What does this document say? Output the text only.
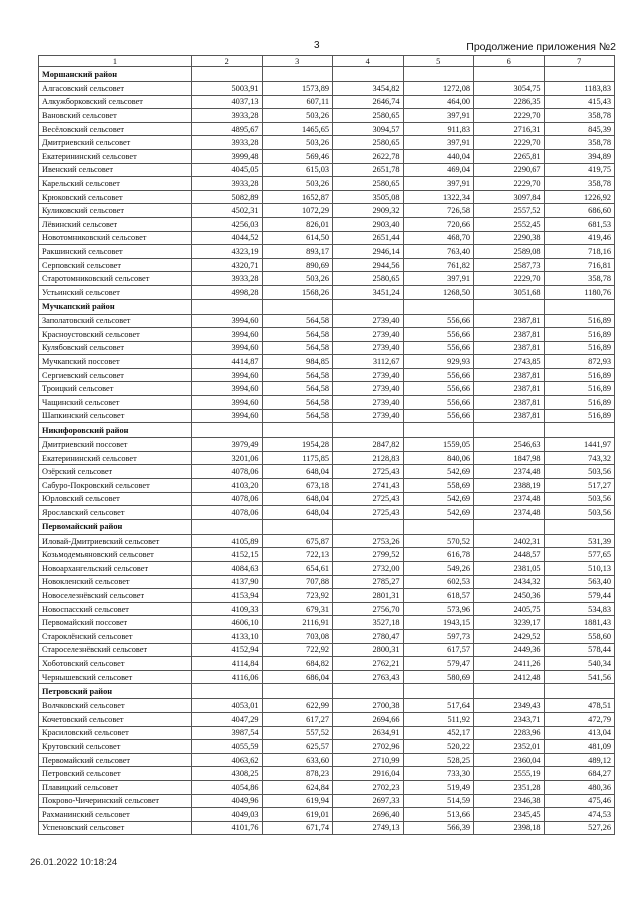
3	Продолжение приложения №2
1	2	3	4	5	6	7
Моршанский район						
Алгасовский сельсовет	5003,91	1573,89	3454,82	1272,08	3054,75	1183,83
Алкужборковский сельсовет	4037,13	607,11	2646,74	464,00	2286,35	415,43
Вановский сельсовет	3933,28	503,26	2580,65	397,91	2229,70	358,78
Весёловский сельсовет	4895,67	1465,65	3094,57	911,83	2716,31	845,39
Дмитриевский сельсовет	3933,28	503,26	2580,65	397,91	2229,70	358,78
Екатерининский сельсовет	3999,48	569,46	2622,78	440,04	2265,81	394,89
Ивенский сельсовет	4045,05	615,03	2651,78	469,04	2290,67	419,75
Карельский сельсовет	3933,28	503,26	2580,65	397,91	2229,70	358,78
Крюковский сельсовет	5082,89	1652,87	3505,08	1322,34	3097,84	1226,92
Куликовский сельсовет	4502,31	1072,29	2909,32	726,58	2557,52	686,60
Лёвинский сельсовет	4256,03	826,01	2903,40	720,66	2552,45	681,53
Новотомниковский сельсовет	4044,52	614,50	2651,44	468,70	2290,38	419,46
Ракшинский сельсовет	4323,19	893,17	2946,14	763,40	2589,08	718,16
Сеpповский сельсовет	4320,71	890,69	2944,56	761,82	2587,73	716,81
Старотомниковский сельсовет	3933,28	503,26	2580,65	397,91	2229,70	358,78
Устьинский сельсовет	4998,28	1568,26	3451,24	1268,50	3051,68	1180,76
Мучкапский район						
Заполатовский сельсовет	3994,60	564,58	2739,40	556,66	2387,81	516,89
Красноустовский сельсовет	3994,60	564,58	2739,40	556,66	2387,81	516,89
Кулябовский сельсовет	3994,60	564,58	2739,40	556,66	2387,81	516,89
Мучкапский поссовет	4414,87	984,85	3112,67	929,93	2743,85	872,93
Сергиевский сельсовет	3994,60	564,58	2739,40	556,66	2387,81	516,89
Троицкий сельсовет	3994,60	564,58	2739,40	556,66	2387,81	516,89
Чащинский сельсовет	3994,60	564,58	2739,40	556,66	2387,81	516,89
Шапкинский сельсовет	3994,60	564,58	2739,40	556,66	2387,81	516,89
Никифоровский район						
Дмитриевский поссовет	3979,49	1954,28	2847,82	1559,05	2546,63	1441,97
Екатерининский сельсовет	3201,06	1175,85	2128,83	840,06	1847,98	743,32
Озёрский сельсовет	4078,06	648,04	2725,43	542,69	2374,48	503,56
Сабуро-Покровский сельсовет	4103,20	673,18	2741,43	558,69	2388,19	517,27
Юрловский сельсовет	4078,06	648,04	2725,43	542,69	2374,48	503,56
Ярославский сельсовет	4078,06	648,04	2725,43	542,69	2374,48	503,56
Первомайский район						
Иловай-Дмитриевский сельсовет	4105,89	675,87	2753,26	570,52	2402,31	531,39
Козьмодемьяновский сельсовет	4152,15	722,13	2799,52	616,78	2448,57	577,65
Новоархангельский сельсовет	4084,63	654,61	2732,00	549,26	2381,05	510,13
Новокленский сельсовет	4137,90	707,88	2785,27	602,53	2434,32	563,40
Новоселезнёвский сельсовет	4153,94	723,92	2801,31	618,57	2450,36	579,44
Новоспасский сельсовет	4109,33	679,31	2756,70	573,96	2405,75	534,83
Первомайский поссовет	4606,10	2116,91	3527,18	1943,15	3239,17	1881,43
Староклёнский сельсовет	4133,10	703,08	2780,47	597,73	2429,52	558,60
Староселезнёвский сельсовет	4152,94	722,92	2800,31	617,57	2449,36	578,44
Хоботовский сельсовет	4114,84	684,82	2762,21	579,47	2411,26	540,34
Чернышевский сельсовет	4116,06	686,04	2763,43	580,69	2412,48	541,56
Петровский район						
Волчковский сельсовет	4053,01	622,99	2700,38	517,64	2349,43	478,51
Кочетовский сельсовет	4047,29	617,27	2694,66	511,92	2343,71	472,79
Красиловский сельсовет	3987,54	557,52	2634,91	452,17	2283,96	413,04
Крутовский сельсовет	4055,59	625,57	2702,96	520,22	2352,01	481,09
Первомайский сельсовет	4063,62	633,60	2710,99	528,25	2360,04	489,12
Петровский сельсовет	4308,25	878,23	2916,04	733,30	2555,19	684,27
Плавицкий сельсовет	4054,86	624,84	2702,23	519,49	2351,28	480,36
Покрово-Чичеринский сельсовет	4049,96	619,94	2697,33	514,59	2346,38	475,46
Рахманинский сельсовет	4049,03	619,01	2696,40	513,66	2345,45	474,53
Успеновский сельсовет	4101,76	671,74	2749,13	566,39	2398,18	527,26
26.01.2022 10:18:24
